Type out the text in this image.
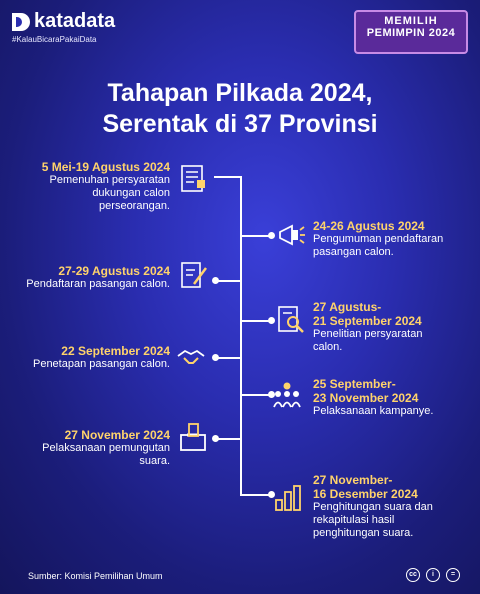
katadata
#KalauBicaraPakaiData
MEMILIH
PEMIMPIN 2024
Tahapan Pilkada 2024,
Serentak di 37 Provinsi
5 Mei-19 Agustus 2024
Pemenuhan persyaratan
dukungan calon
perseorangan.
24-26 Agustus 2024
Pengumuman pendaftaran
pasangan calon.
27-29 Agustus 2024
Pendaftaran pasangan calon.
27 Agustus-
21 September 2024
Penelitian persyaratan
calon.
22 September 2024
Penetapan pasangan calon.
25 September-
23 November 2024
Pelaksanaan kampanye.
27 November 2024
Pelaksanaan pemungutan
suara.
27 November-
16 Desember 2024
Penghitungan suara dan
rekapitulasi hasil
penghitungan suara.
Sumber: Komisi Pemilihan Umum	cc	i	=
